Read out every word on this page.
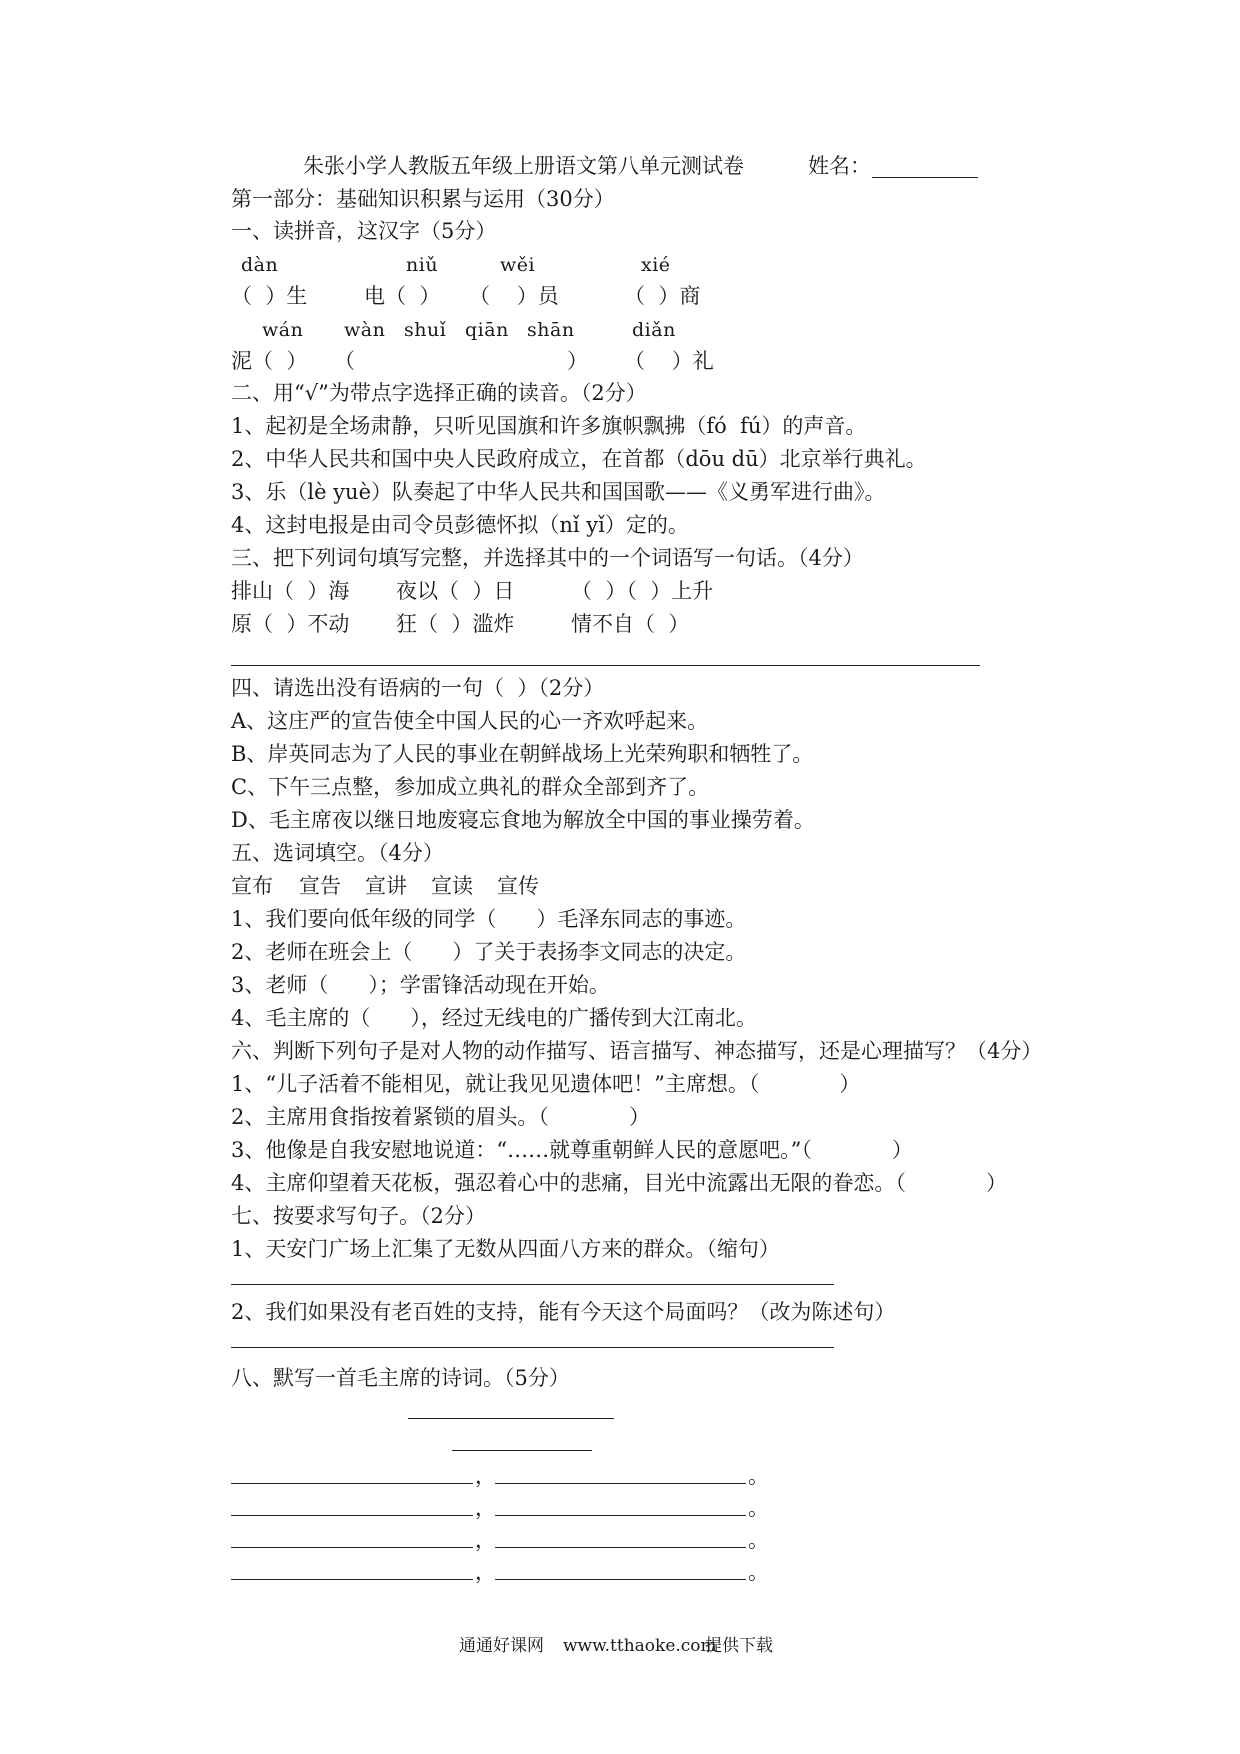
朱张小学人教版五年级上册语文第八单元测试卷	姓名：
第一部分：基础知识积累与运用（30分）
一、读拼音，这汉字（5分）
dàn	niǔ	wěi	xié
（  ）生	电（  ） （    ）员	（  ）商
wán wàn shuǐ qiān shān	diǎn
泥（  ） （	） （    ）礼
二、用“√”为带点字选择正确的读音。（2分）
1、起初是全场肃静，只听见国旗和许多旗帜飘拂（fó  fú）的声音。
2、中华人民共和国中央人民政府成立，在首都（dōu dū）北京举行典礼。
3、乐（lè yuè）队奏起了中华人民共和国国歌——《义勇军进行曲》。
4、这封电报是由司令员彭德怀拟（nǐ yǐ）定的。
三、把下列词句填写完整，并选择其中的一个词语写一句话。（4分）
排山（  ）海 夜以（  ）日	（  ）（  ）上升
原（  ）不动 狂（  ）滥炸	情不自（  ）
四、请选出没有语病的一句（  ）（2分）
A、这庄严的宣告使全中国人民的心一齐欢呼起来。
B、岸英同志为了人民的事业在朝鲜战场上光荣殉职和牺牲了。
C、下午三点整，参加成立典礼的群众全部到齐了。
D、毛主席夜以继日地废寝忘食地为解放全中国的事业操劳着。
五、选词填空。（4分）
宣布 宣告 宣讲 宣读 宣传
1、我们要向低年级的同学（      ）毛泽东同志的事迹。
2、老师在班会上（      ）了关于表扬李文同志的决定。
3、老师（      ）；学雷锋活动现在开始。
4、毛主席的（      ），经过无线电的广播传到大江南北。
六、判断下列句子是对人物的动作描写、语言描写、神态描写，还是心理描写？（4分）
1、“儿子活着不能相见，就让我见见遗体吧！”主席想。（            ）
2、主席用食指按着紧锁的眉头。（            ）
3、他像是自我安慰地说道：“……就尊重朝鲜人民的意愿吧。”（            ）
4、主席仰望着天花板，强忍着心中的悲痛，目光中流露出无限的眷恋。（            ）
七、按要求写句子。（2分）
1、天安门广场上汇集了无数从四面八方来的群众。（缩句）
2、我们如果没有老百姓的支持，能有今天这个局面吗？（改为陈述句）
八、默写一首毛主席的诗词。（5分）
，	。
，	。
，	。
，	。
通通好课网 www.tthaoke.com
提供下载
